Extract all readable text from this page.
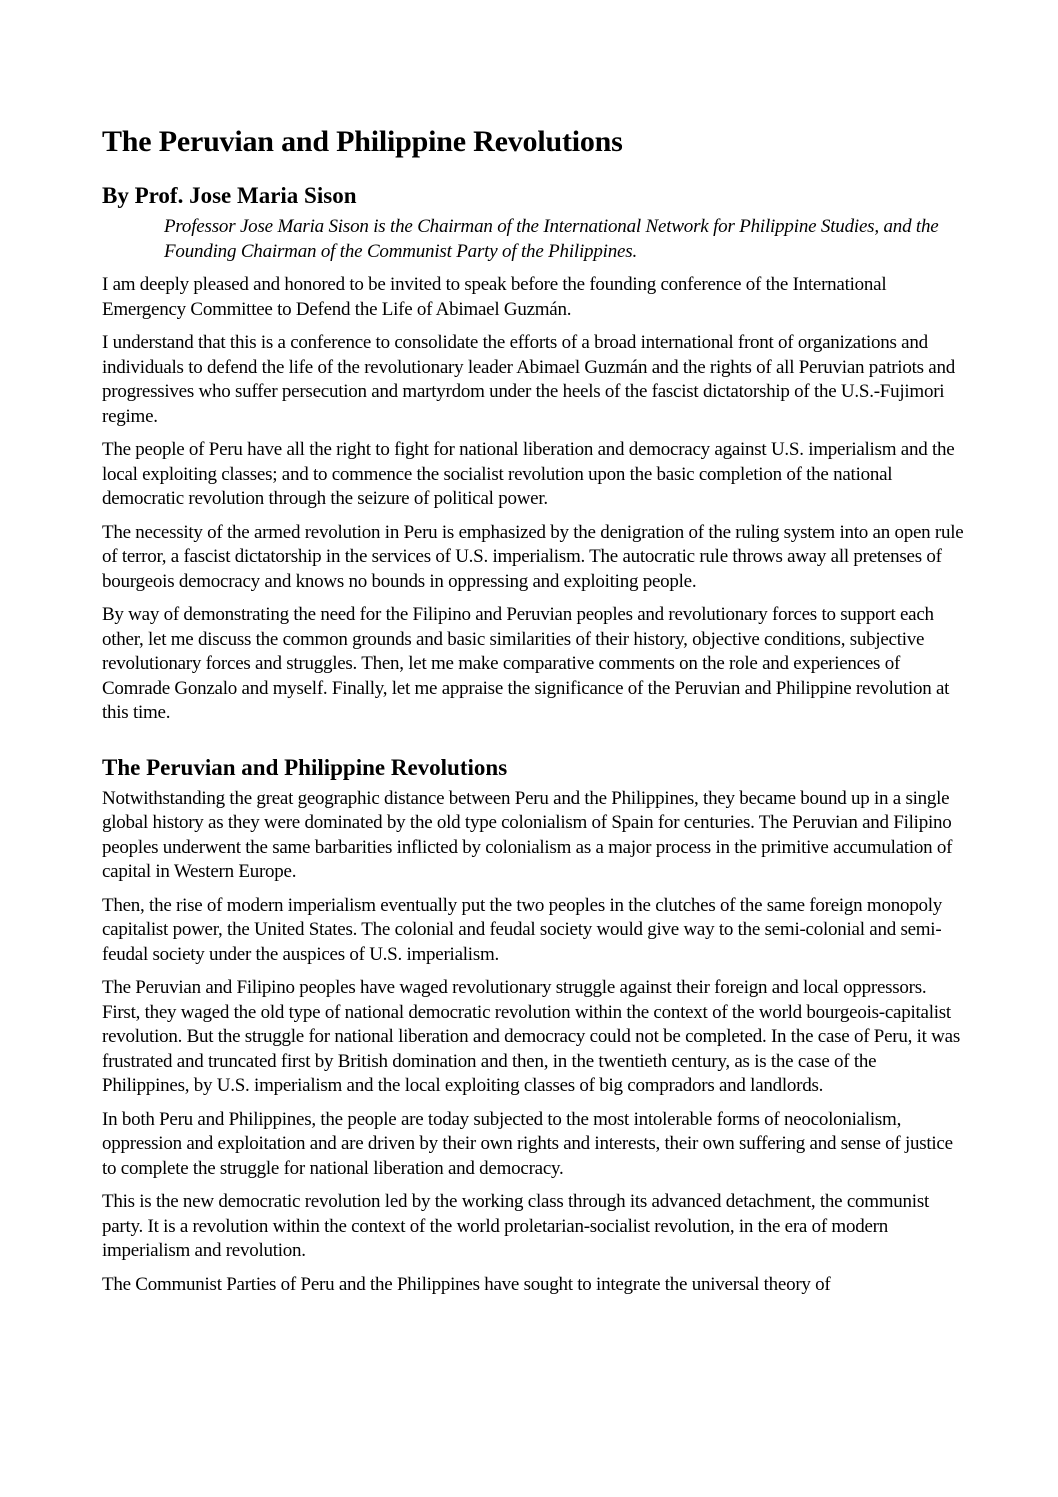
The Peruvian and Philippine Revolutions
By Prof. Jose Maria Sison

Professor Jose Maria Sison is the Chairman of the International Network for Philippine Studies, and the Founding Chairman of the Communist Party of the Philippines.

I am deeply pleased and honored to be invited to speak before the founding conference of the International Emergency Committee to Defend the Life of Abimael Guzmán.

I understand that this is a conference to consolidate the efforts of a broad international front of organizations and individuals to defend the life of the revolutionary leader Abimael Guzmán and the rights of all Peruvian patriots and progressives who suffer persecution and martyrdom under the heels of the fascist dictatorship of the U.S.-Fujimori regime.

The people of Peru have all the right to fight for national liberation and democracy against U.S. imperialism and the local exploiting classes; and to commence the socialist revolution upon the basic completion of the national democratic revolution through the seizure of political power.

The necessity of the armed revolution in Peru is emphasized by the denigration of the ruling system into an open rule of terror, a fascist dictatorship in the services of U.S. imperialism. The autocratic rule throws away all pretenses of bourgeois democracy and knows no bounds in oppressing and exploiting people.

By way of demonstrating the need for the Filipino and Peruvian peoples and revolutionary forces to support each other, let me discuss the common grounds and basic similarities of their history, objective conditions, subjective revolutionary forces and struggles. Then, let me make comparative comments on the role and experiences of Comrade Gonzalo and myself. Finally, let me appraise the significance of the Peruvian and Philippine revolution at this time.

The Peruvian and Philippine Revolutions

Notwithstanding the great geographic distance between Peru and the Philippines, they became bound up in a single global history as they were dominated by the old type colonialism of Spain for centuries. The Peruvian and Filipino peoples underwent the same barbarities inflicted by colonialism as a major process in the primitive accumulation of capital in Western Europe.

Then, the rise of modern imperialism eventually put the two peoples in the clutches of the same foreign monopoly capitalist power, the United States. The colonial and feudal society would give way to the semi-colonial and semi-feudal society under the auspices of U.S. imperialism.

The Peruvian and Filipino peoples have waged revolutionary struggle against their foreign and local oppressors. First, they waged the old type of national democratic revolution within the context of the world bourgeois-capitalist revolution. But the struggle for national liberation and democracy could not be completed. In the case of Peru, it was frustrated and truncated first by British domination and then, in the twentieth century, as is the case of the Philippines, by U.S. imperialism and the local exploiting classes of big compradors and landlords.

In both Peru and Philippines, the people are today subjected to the most intolerable forms of neocolonialism, oppression and exploitation and are driven by their own rights and interests, their own suffering and sense of justice to complete the struggle for national liberation and democracy.

This is the new democratic revolution led by the working class through its advanced detachment, the communist party. It is a revolution within the context of the world proletarian-socialist revolution, in the era of modern imperialism and revolution.

The Communist Parties of Peru and the Philippines have sought to integrate the universal theory of
